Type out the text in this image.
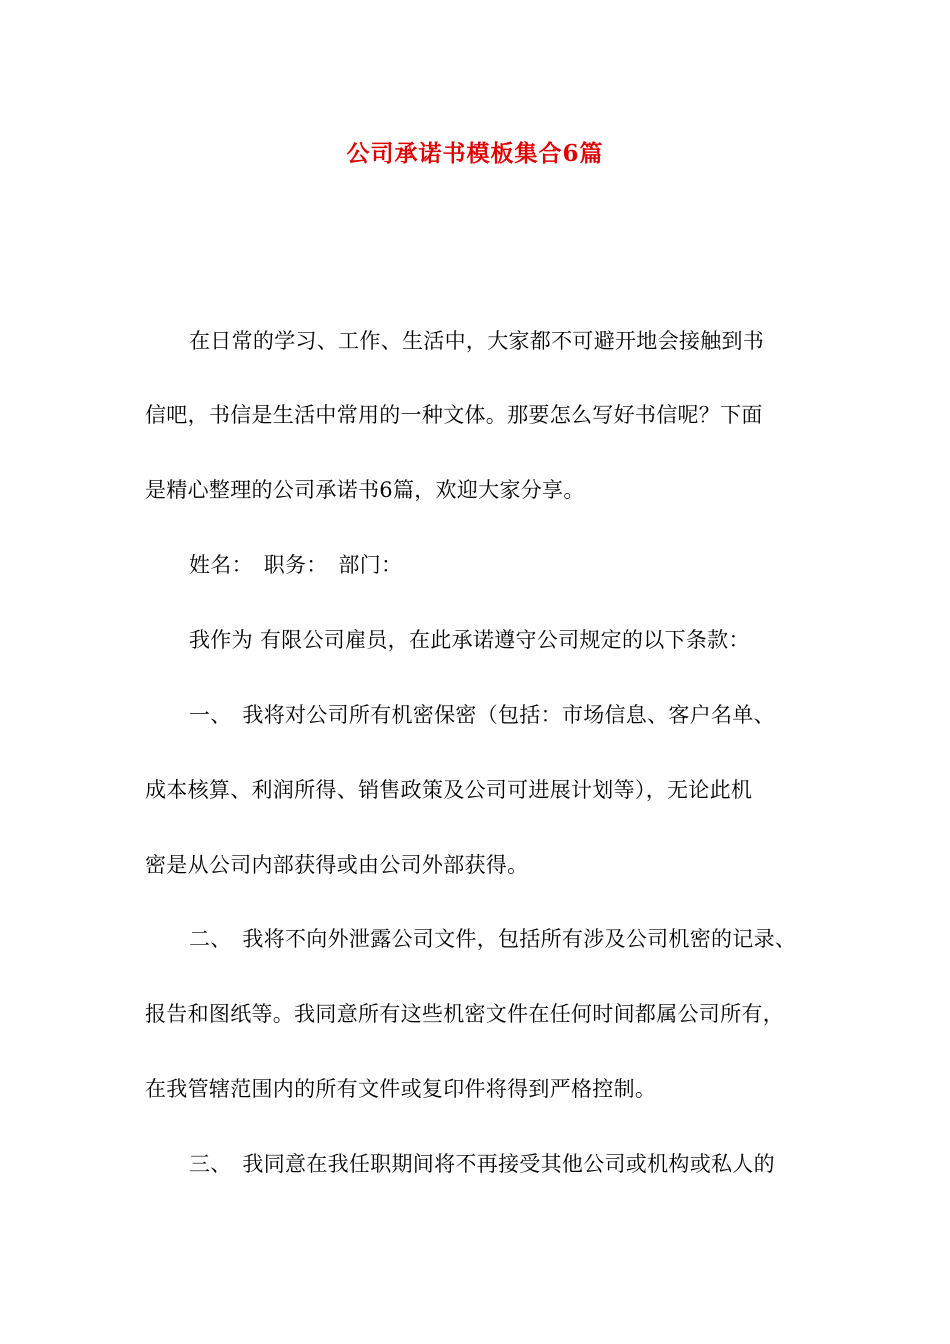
公司承诺书模板集合6篇
在日常的学习、工作、生活中，大家都不可避开地会接触到书
信吧，书信是生活中常用的一种文体。那要怎么写好书信呢？下面
是精心整理的公司承诺书6篇，欢迎大家分享。
姓名：　职务：　部门：
我作为 有限公司雇员，在此承诺遵守公司规定的以下条款：
一、　我将对公司所有机密保密（包括：市场信息、客户名单、
成本核算、利润所得、销售政策及公司可进展计划等），无论此机
密是从公司内部获得或由公司外部获得。
二、　我将不向外泄露公司文件，包括所有涉及公司机密的记录、
报告和图纸等。我同意所有这些机密文件在任何时间都属公司所有，
在我管辖范围内的所有文件或复印件将得到严格控制。
三、　我同意在我任职期间将不再接受其他公司或机构或私人的
